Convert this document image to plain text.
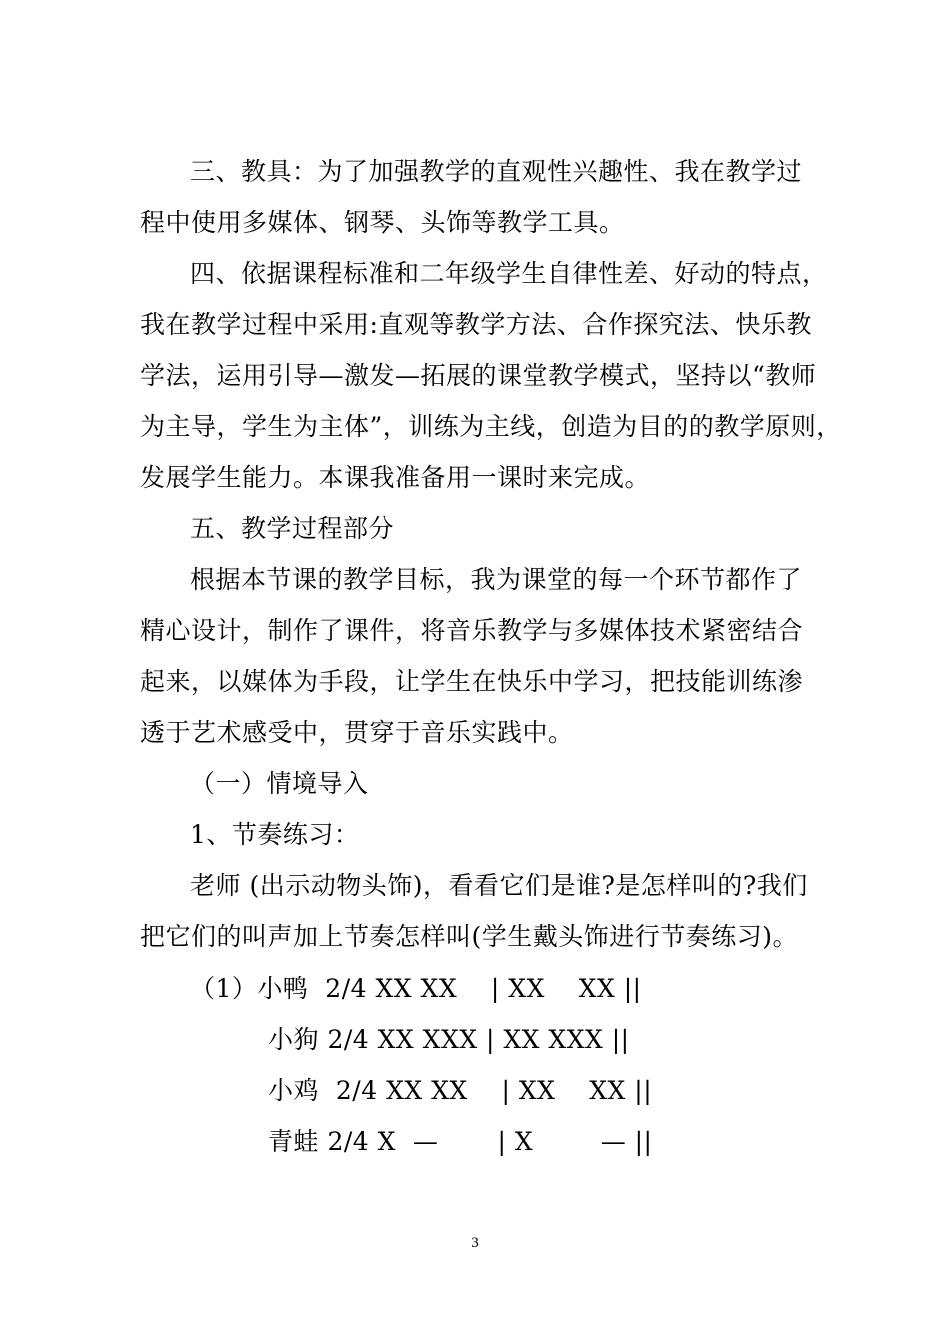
三、教具：为了加强教学的直观性兴趣性、我在教学过
程中使用多媒体、钢琴、头饰等教学工具。
四、依据课程标准和二年级学生自律性差、好动的特点，
我在教学过程中采用:直观等教学方法、合作探究法、快乐教
学法，运用引导—激发—拓展的课堂教学模式，坚持以“教师
为主导，学生为主体”，训练为主线，创造为目的的教学原则，
发展学生能力。本课我准备用一课时来完成。
五、教学过程部分
根据本节课的教学目标，我为课堂的每一个环节都作了
精心设计，制作了课件，将音乐教学与多媒体技术紧密结合
起来，以媒体为手段，让学生在快乐中学习，把技能训练渗
透于艺术感受中，贯穿于音乐实践中。
（一）情境导入
1、节奏练习：
老师 (出示动物头饰)，看看它们是谁?是怎样叫的?我们
把它们的叫声加上节奏怎样叫(学生戴头饰进行节奏练习)。
（1）小鸭  2/4 XX XX    | XX    XX ||
小狗 2/4 XX XXX | XX XXX ||
小鸡  2/4 XX XX    | XX    XX ||
青蛙 2/4 X  —       | X        — ||
3
